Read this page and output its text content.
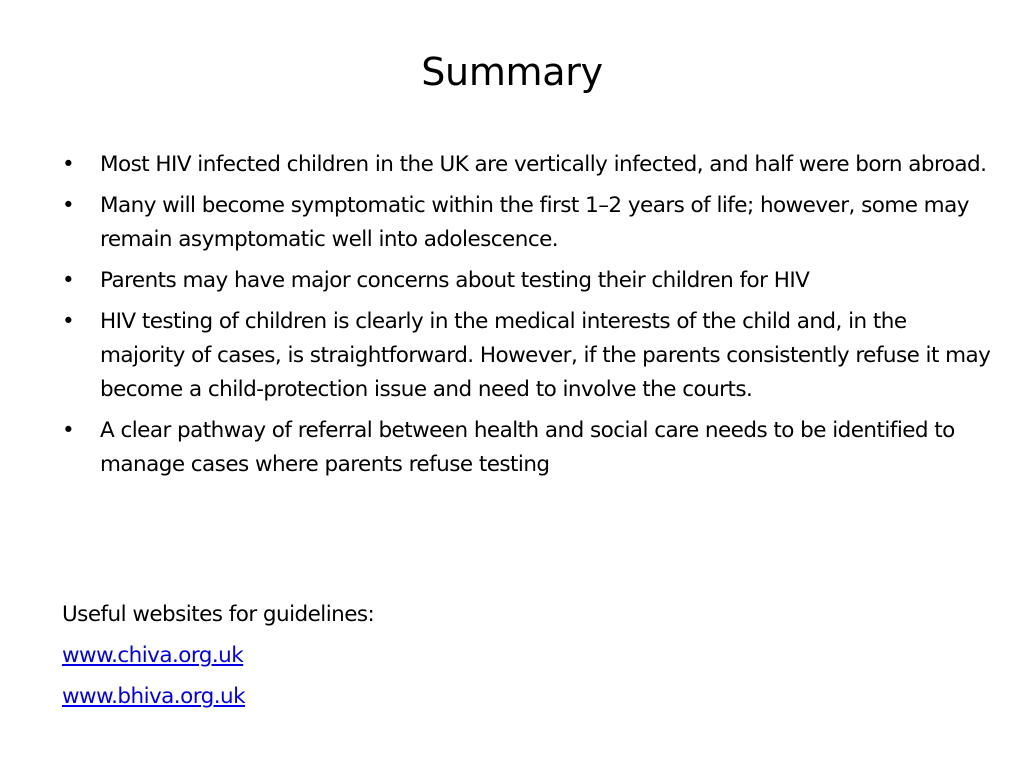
Summary
•	Most HIV infected children in the UK are vertically infected, and half were born abroad.
•	Many will become symptomatic within the first 1–2 years of life; however, some may remain asymptomatic well into adolescence.
•	Parents may have major concerns about testing their children for HIV
•	HIV testing of children is clearly in the medical interests of the child and, in the majority of cases, is straightforward. However, if the parents consistently refuse it may become a child-protection issue and need to involve the courts.
•	A clear pathway of referral between health and social care needs to be identified to manage cases where parents refuse testing

Useful websites for guidelines:

www.chiva.org.uk

www.bhiva.org.uk
